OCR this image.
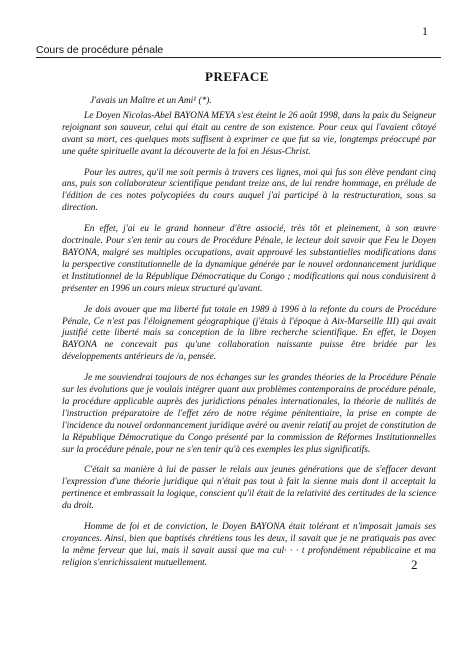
1
Cours de procédure pénale
PREFACE

J'avais un Maître et un Ami¹ (*).

Le Doyen Nicolas-Abel BAYONA MEYA s'est éteint le 26 août 1998, dans la paix du Seigneur rejoignant son sauveur, celui qui était au centre de son existence. Pour ceux qui l'avaient côtoyé avant sa mort, ces quelques mots suffisent à exprimer ce que fut sa vie, longtemps préoccupé par une quête spirituelle avant la découverte de la foi en Jésus-Christ.

Pour les autres, qu'il me soit permis à travers ces lignes, moi qui fus son élève pendant cinq ans, puis son collaborateur scientifique pendant treize ans, de lui rendre hommage, en prélude de l'édition de ces notes polycopiées du cours auquel j'ai participé à la restructuration, sous sa direction.

En effet, j'ai eu le grand honneur d'être associé, très tôt et pleinement, à son œuvre doctrinale. Pour s'en tenir au cours de Procédure Pénale, le lecteur doit savoir que Feu le Doyen BAYONA, malgré ses multiples occupations, avait approuvé les substantielles modifications dans la perspective constitutionnelle de la dynamique générée par le nouvel ordonnancement juridique et Institutionnel de la République Démocratique du Congo ; modifications qui nous conduisirent à présenter en 1996 un cours mieux structuré qu'avant.

Je dois avouer que ma liberté fut totale en 1989 à 1996 à la refonte du cours de Procédure Pénale, Ce n'est pas l'éloignement géographique (j'étais à l'époque à Aix-Marseille III) qui avait justifié cette liberté mais sa conception de la libre recherche scientifique. En effet, le Doyen BAYONA ne concevait pas qu'une collaboration naissante puisse être bridée par les développements antérieurs de /a, pensée.

Je me souviendrai toujours de nos échanges sur les grandes théories de la Procédure Pénale sur les évolutions que je voulais intégrer quant aux problèmes contemporains de procédure pénale, la procédure applicable auprès des juridictions pénales internationales, la théorie de nullités de l'instruction préparatoire de l'effet zéro de notre régime pénitentiaire, la prise en compte de l'incidence du nouvel ordonnancement juridique avéré ou avenir relatif au projet de constitution de la République Démocratique du Congo présenté par la commission de Réformes Institutionnelles sur la procédure pénale, pour ne s'en tenir qu'à ces exemples les plus significatifs.

C'était sa manière à lui de passer le relais aux jeunes générations que de s'effacer devant l'expression d'une théorie juridique qui n'était pas tout à fait la sienne mais dont il acceptait la pertinence et embrassait la logique, conscient qu'il était de la relativité des certitudes de la science du droit.

Homme de foi et de conviction, le Doyen BAYONA était tolérant et n'imposait jamais ses croyances. Ainsi, bien que baptisés chrétiens tous les deux, il savait que je ne pratiquais pas avec la même ferveur que lui, mais il savait aussi que ma cul· · · t profondément républicaine et ma religion s'enrichissaient mutuellement.	2
